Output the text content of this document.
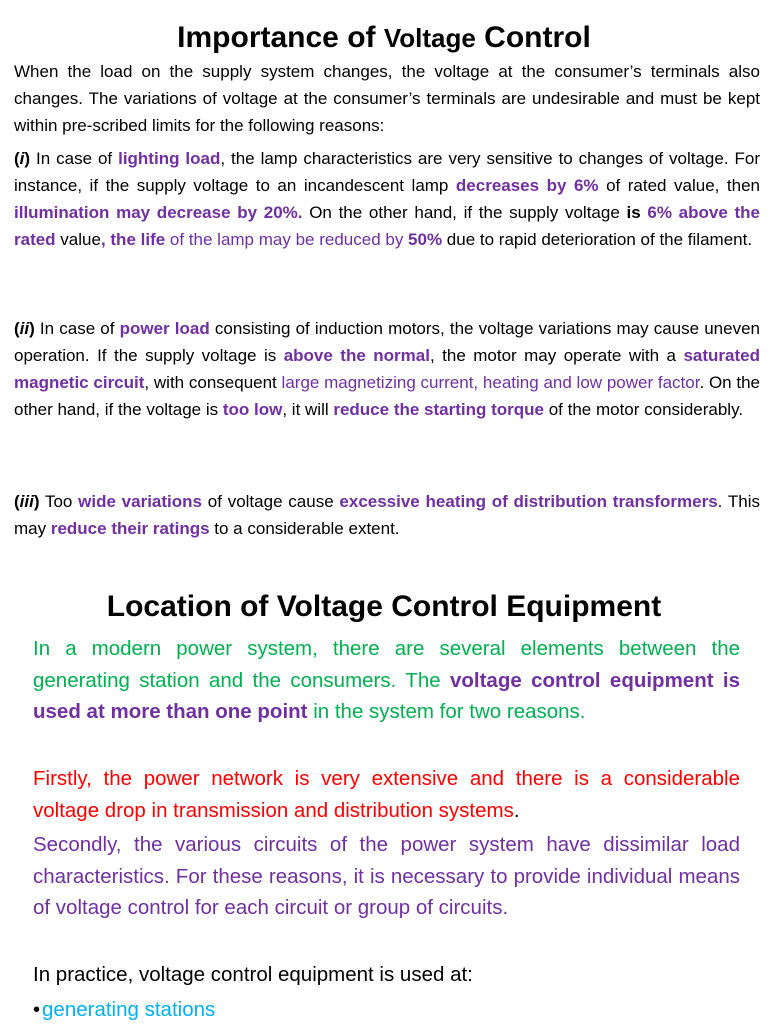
Importance of Voltage Control
When the load on the supply system changes, the voltage at the consumer’s terminals also changes. The variations of voltage at the consumer’s terminals are undesirable and must be kept within pre-scribed limits for the following reasons:
(i) In case of lighting load, the lamp characteristics are very sensitive to changes of voltage. For instance, if the supply voltage to an incandescent lamp decreases by 6% of rated value, then illumination may decrease by 20%. On the other hand, if the supply voltage is 6% above the rated value, the life of the lamp may be reduced by 50% due to rapid deterioration of the filament.
(ii) In case of power load consisting of induction motors, the voltage variations may cause uneven operation. If the supply voltage is above the normal, the motor may operate with a saturated magnetic circuit, with consequent large magnetizing current, heating and low power factor. On the other hand, if the voltage is too low, it will reduce the starting torque of the motor considerably.
(iii) Too wide variations of voltage cause excessive heating of distribution transformers. This may reduce their ratings to a considerable extent.
Location of Voltage Control Equipment
In a modern power system, there are several elements between the generating station and the consumers. The voltage control equipment is used at more than one point in the system for two reasons.
Firstly, the power network is very extensive and there is a considerable voltage drop in transmission and distribution systems.
Secondly, the various circuits of the power system have dissimilar load characteristics. For these reasons, it is necessary to provide individual means of voltage control for each circuit or group of circuits.
In practice, voltage control equipment is used at:
•generating stations
